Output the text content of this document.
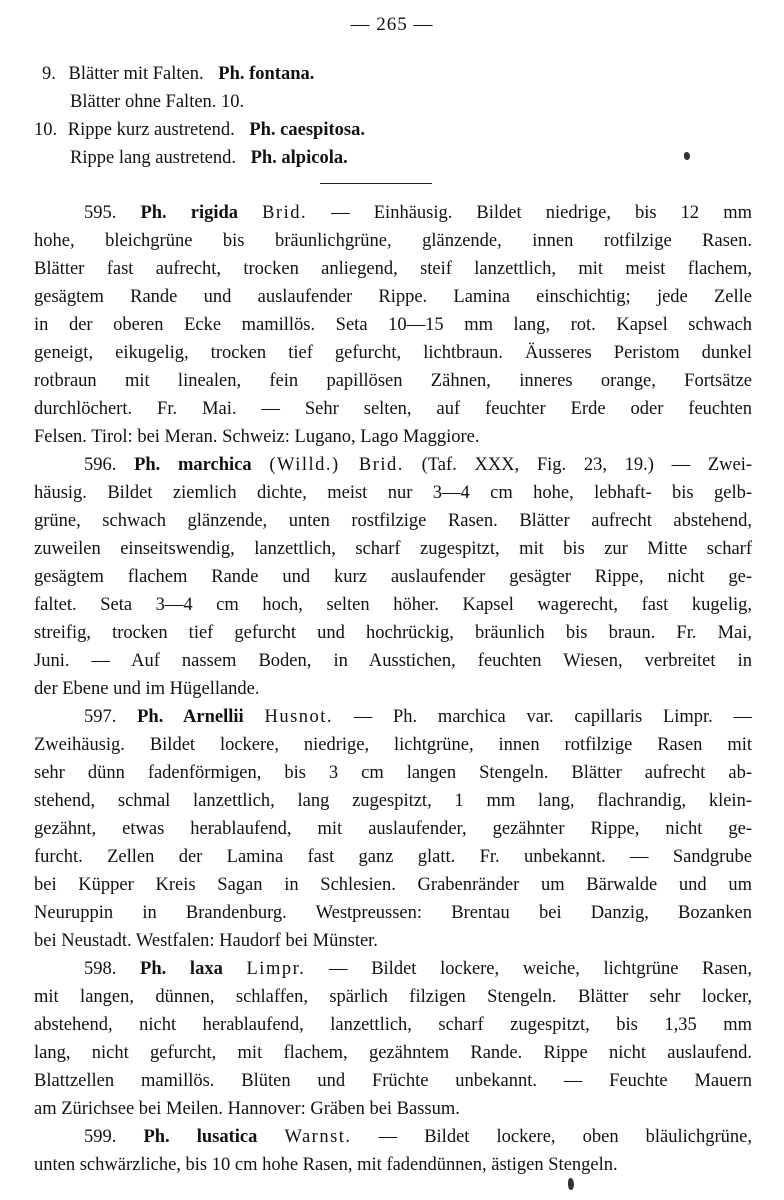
— 265 —
9. Blätter mit Falten. Ph. fontana.
Blätter ohne Falten. 10.
10. Rippe kurz austretend. Ph. caespitosa.
Rippe lang austretend. Ph. alpicola.
595. Ph. rigida Brid. — Einhäusig. Bildet niedrige, bis 12 mm
hohe, bleichgrüne bis bräunlichgrüne, glänzende, innen rotfilzige Rasen.
Blätter fast aufrecht, trocken anliegend, steif lanzettlich, mit meist flachem,
gesägtem Rande und auslaufender Rippe. Lamina einschichtig; jede Zelle
in der oberen Ecke mamillös. Seta 10—15 mm lang, rot. Kapsel schwach
geneigt, eikugelig, trocken tief gefurcht, lichtbraun. Äusseres Peristom dunkel
rotbraun mit linealen, fein papillösen Zähnen, inneres orange, Fortsätze
durchlöchert. Fr. Mai. — Sehr selten, auf feuchter Erde oder feuchten
Felsen. Tirol: bei Meran. Schweiz: Lugano, Lago Maggiore.
596. Ph. marchica (Willd.) Brid. (Taf. XXX, Fig. 23, 19.) — Zwei-
häusig. Bildet ziemlich dichte, meist nur 3—4 cm hohe, lebhaft- bis gelb-
grüne, schwach glänzende, unten rostfilzige Rasen. Blätter aufrecht abstehend,
zuweilen einseitswendig, lanzettlich, scharf zugespitzt, mit bis zur Mitte scharf
gesägtem flachem Rande und kurz auslaufender gesägter Rippe, nicht ge-
faltet. Seta 3—4 cm hoch, selten höher. Kapsel wagerecht, fast kugelig,
streifig, trocken tief gefurcht und hochrückig, bräunlich bis braun. Fr. Mai,
Juni. — Auf nassem Boden, in Ausstichen, feuchten Wiesen, verbreitet in
der Ebene und im Hügellande.
597. Ph. Arnellii Husnot. — Ph. marchica var. capillaris Limpr. —
Zweihäusig. Bildet lockere, niedrige, lichtgrüne, innen rotfilzige Rasen mit
sehr dünn fadenförmigen, bis 3 cm langen Stengeln. Blätter aufrecht ab-
stehend, schmal lanzettlich, lang zugespitzt, 1 mm lang, flachrandig, klein-
gezähnt, etwas herablaufend, mit auslaufender, gezähnter Rippe, nicht ge-
furcht. Zellen der Lamina fast ganz glatt. Fr. unbekannt. — Sandgrube
bei Küpper Kreis Sagan in Schlesien. Grabenränder um Bärwalde und um
Neuruppin in Brandenburg. Westpreussen: Brentau bei Danzig, Bozanken
bei Neustadt. Westfalen: Haudorf bei Münster.
598. Ph. laxa Limpr. — Bildet lockere, weiche, lichtgrüne Rasen,
mit langen, dünnen, schlaffen, spärlich filzigen Stengeln. Blätter sehr locker,
abstehend, nicht herablaufend, lanzettlich, scharf zugespitzt, bis 1,35 mm
lang, nicht gefurcht, mit flachem, gezähntem Rande. Rippe nicht auslaufend.
Blattzellen mamillös. Blüten und Früchte unbekannt. — Feuchte Mauern
am Zürichsee bei Meilen. Hannover: Gräben bei Bassum.
599. Ph. lusatica Warnst. — Bildet lockere, oben bläulichgrüne,
unten schwärzliche, bis 10 cm hohe Rasen, mit fadendünnen, ästigen Stengeln.
